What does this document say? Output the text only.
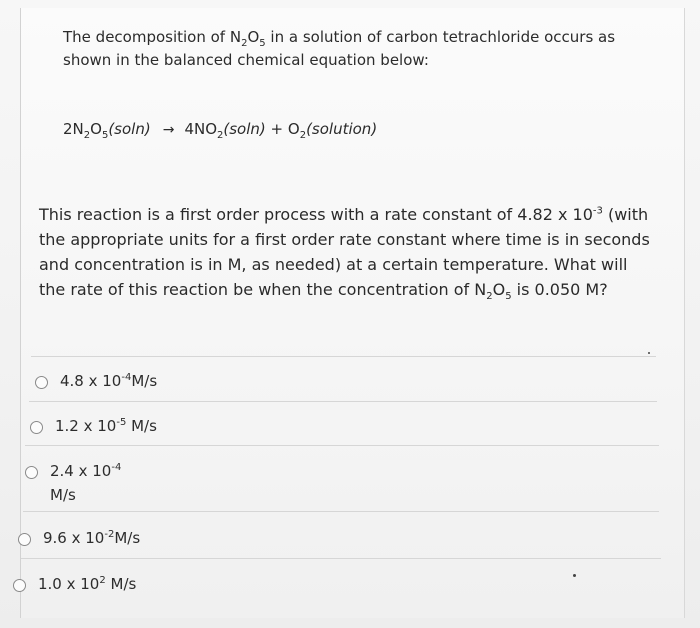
The decomposition of $N_2O_5$ in a solution of carbon tetrachloride occurs as shown in the balanced chemical equation below:

$2N_2O_5(soln) \to 4NO_2(soln)$ + $O_2(solution)$

This reaction is a first order process with a rate constant of 4.82 x $10^{-3}$ (with the appropriate units for a first order rate constant where time is in seconds and concentration is in M, as needed) at a certain temperature. What will the rate of this reaction be when the concentration of $N_2O_5$ is 0.050 M?

4.8 x $10^{-4}M/s$
1.2 x $10^{-5}$ M/s
2.4 x $10^{-4}$
M/s
9.6 x $10^{-2}M/s$
1.0 x $10^2$ M/s
